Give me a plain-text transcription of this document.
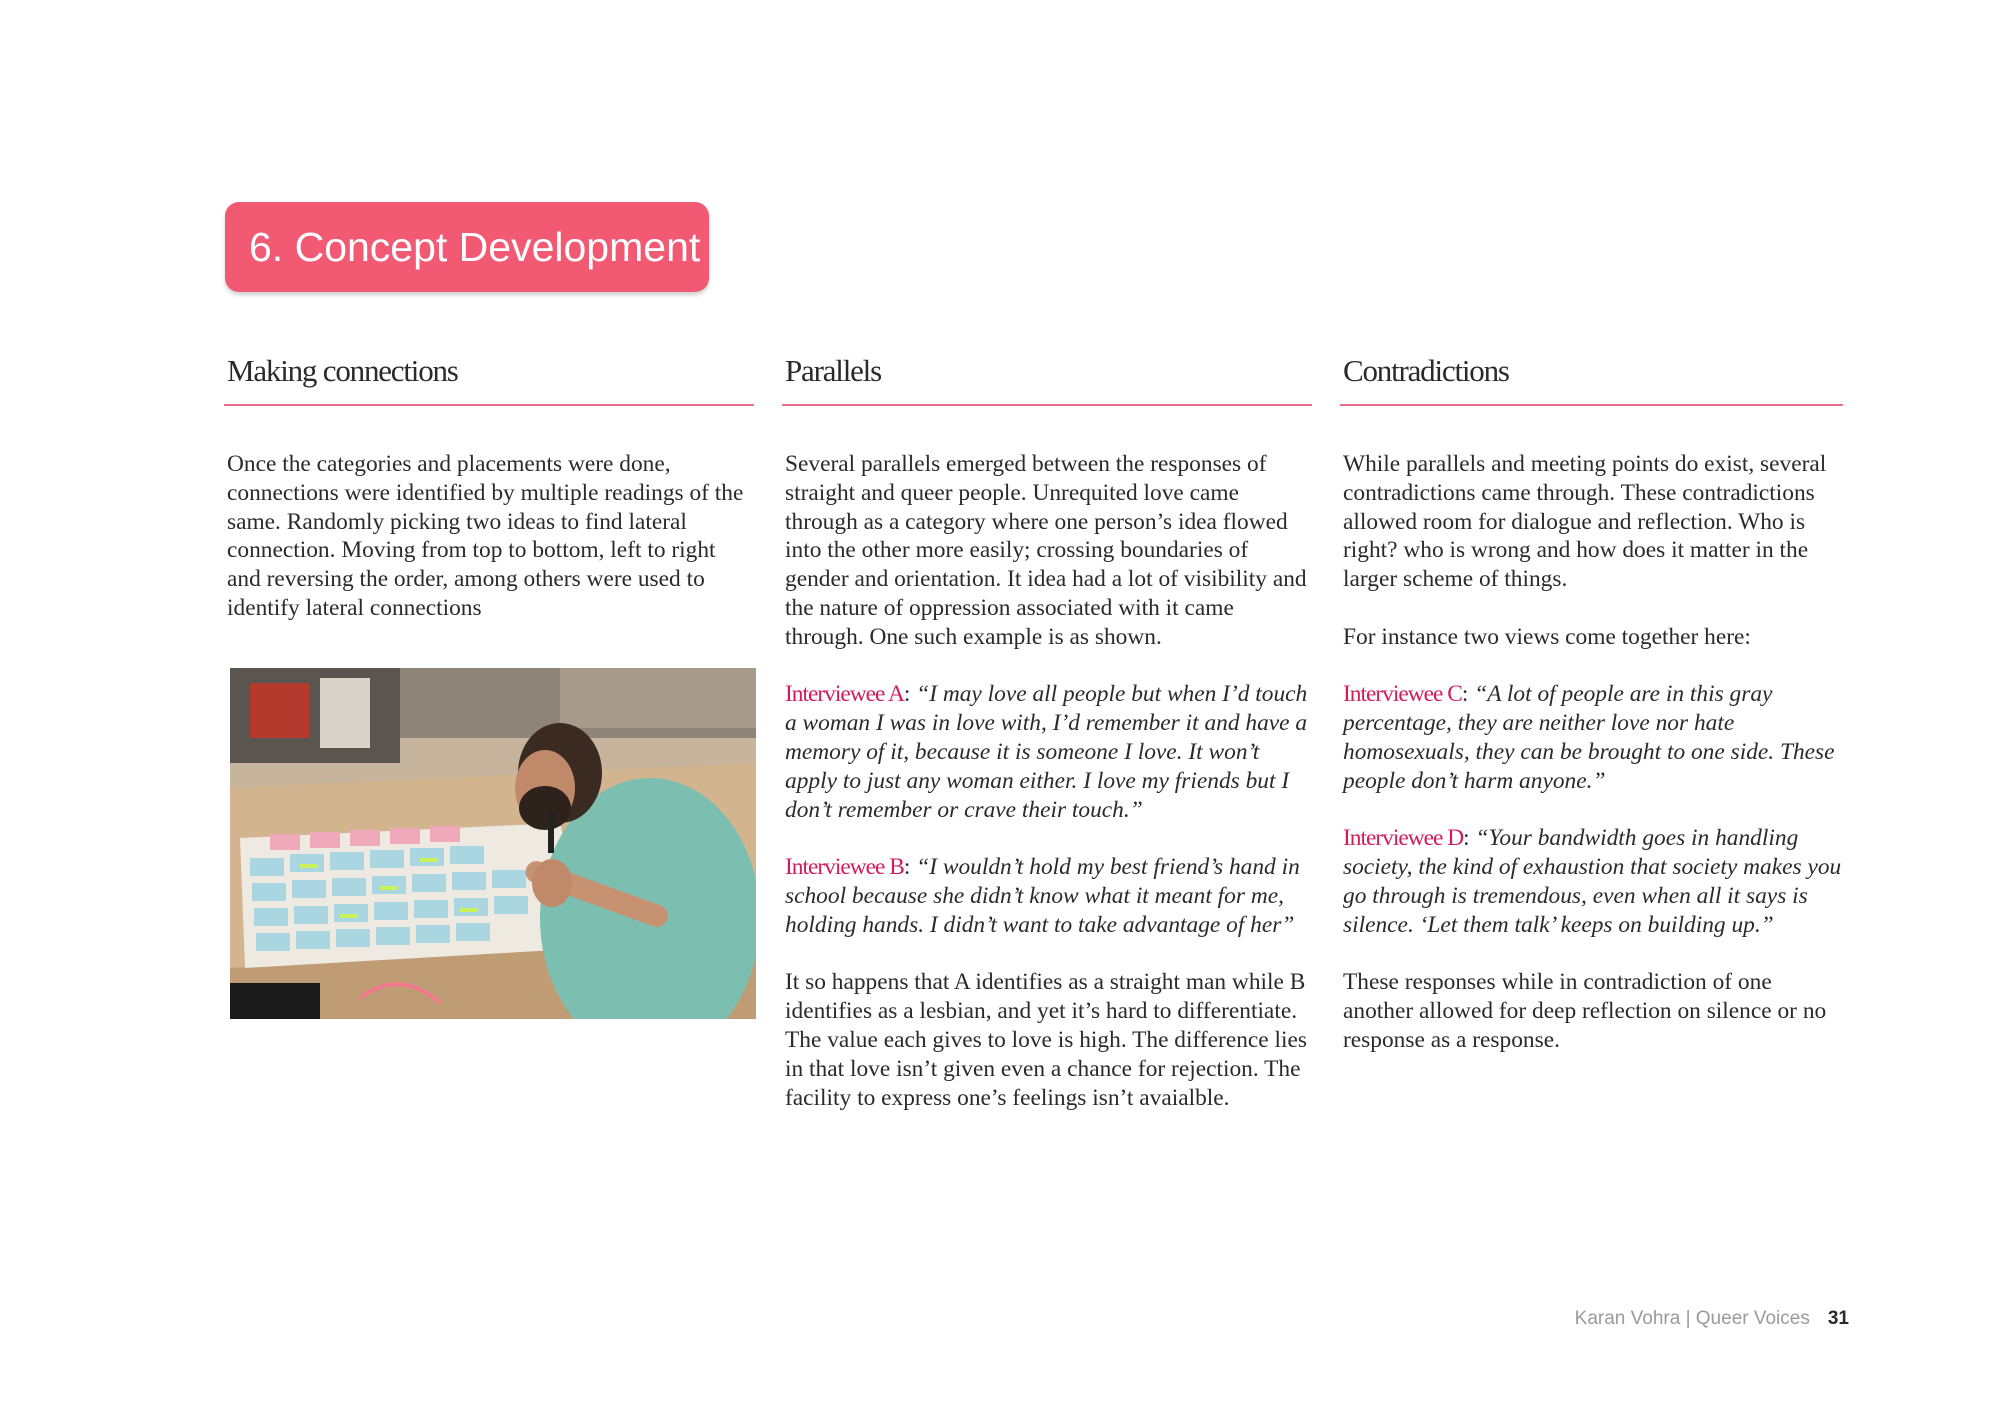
6. Concept Development
Making connections

Once the categories and placements were done, connections were identified by multiple readings of the same. Randomly picking two ideas to find lateral connection. Moving from top to bottom, left to right and reversing the order, among others were used to identify lateral connections

Parallels

Several parallels emerged between the responses of straight and queer people. Unrequited love came through as a category where one person’s idea flowed into the other more easily; crossing boundaries of gender and orientation. It idea had a lot of visibility and the nature of oppression associated with it came through. One such example is as shown.

Interviewee A: “I may love all people but when I’d touch a woman I was in love with, I’d remember it and have a memory of it, because it is someone I love. It won’t apply to just any woman either. I love my friends but I don’t remember or crave their touch.”

Interviewee B: “I wouldn’t hold my best friend’s hand in school because she didn’t know what it meant for me, holding hands. I didn’t want to take advantage of her”

It so happens that A identifies as a straight man while B identifies as a lesbian, and yet it’s hard to differentiate. The value each gives to love is high. The difference lies in that love isn’t given even a chance for rejection. The facility to express one’s feelings isn’t avaialble.

Contradictions

While parallels and meeting points do exist, several contradictions came through. These contradictions allowed room for dialogue and reflection. Who is right? who is wrong and how does it matter in the larger scheme of things.

For instance two views come together here:

Interviewee C: “A lot of people are in this gray percentage, they are neither love nor hate homosexuals, they can be brought to one side. These people don’t harm anyone.”

Interviewee D: “Your bandwidth goes in handling society, the kind of exhaustion that society makes you go through is tremendous, even when all it says is silence. ‘Let them talk’ keeps on building up.”

These responses while in contradiction of one another allowed for deep reflection on silence or no response as a response.

Karan Vohra | Queer Voices 31
